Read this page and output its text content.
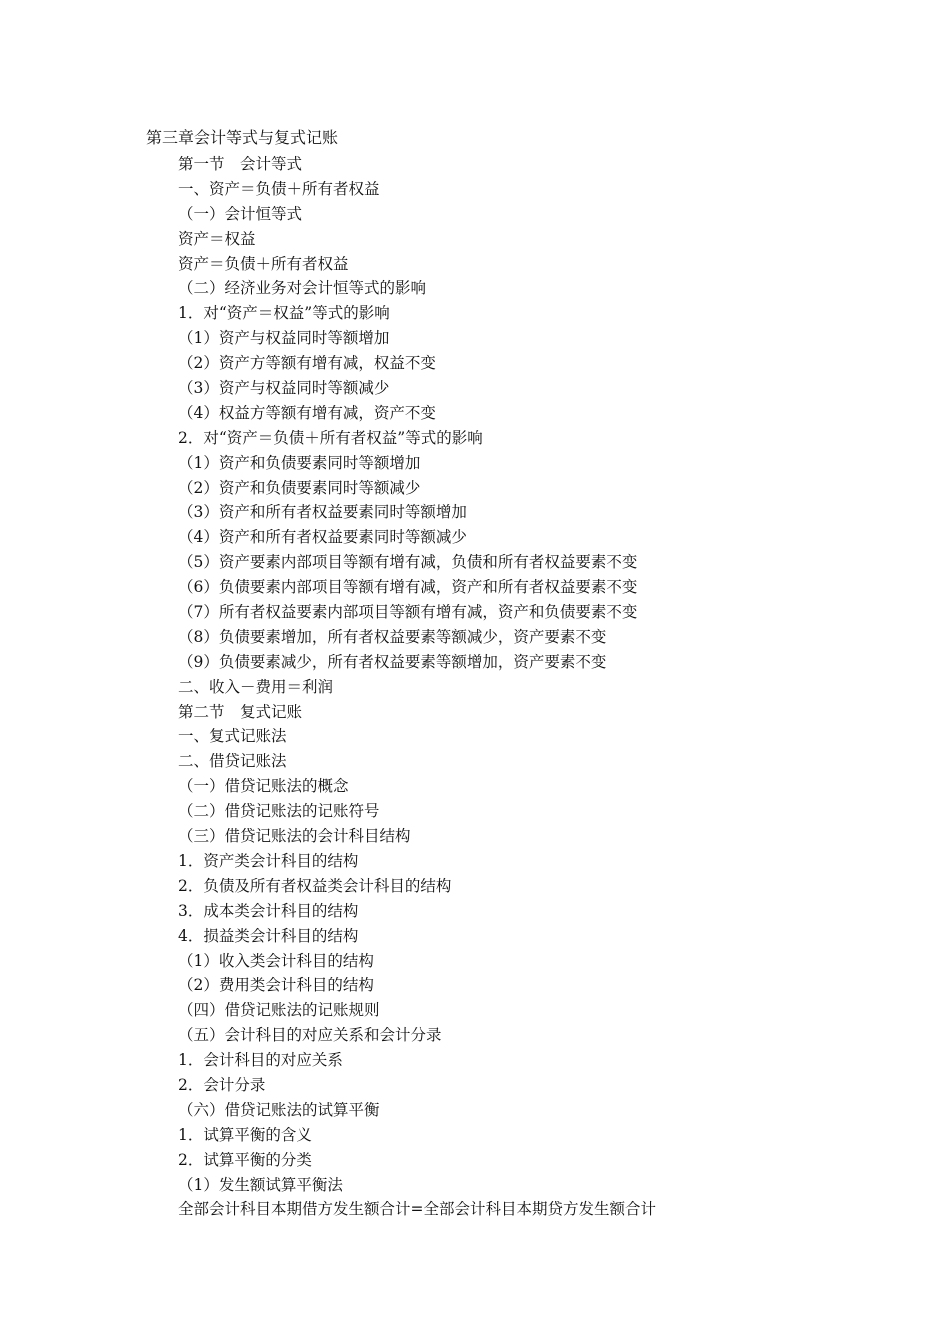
第三章会计等式与复式记账
第一节　会计等式
一、资产＝负债＋所有者权益
（一）会计恒等式
资产＝权益
资产＝负债＋所有者权益
（二）经济业务对会计恒等式的影响
1．对“资产＝权益”等式的影响
（1）资产与权益同时等额增加
（2）资产方等额有增有减，权益不变
（3）资产与权益同时等额减少
（4）权益方等额有增有减，资产不变
2．对“资产＝负债＋所有者权益”等式的影响
（1）资产和负债要素同时等额增加
（2）资产和负债要素同时等额减少
（3）资产和所有者权益要素同时等额增加
（4）资产和所有者权益要素同时等额减少
（5）资产要素内部项目等额有增有减，负债和所有者权益要素不变
（6）负债要素内部项目等额有增有减，资产和所有者权益要素不变
（7）所有者权益要素内部项目等额有增有减，资产和负债要素不变
（8）负债要素增加，所有者权益要素等额减少，资产要素不变
（9）负债要素减少，所有者权益要素等额增加，资产要素不变
二、收入－费用＝利润
第二节　复式记账
一、复式记账法
二、借贷记账法
（一）借贷记账法的概念
（二）借贷记账法的记账符号
（三）借贷记账法的会计科目结构
1．资产类会计科目的结构
2．负债及所有者权益类会计科目的结构
3．成本类会计科目的结构
4．损益类会计科目的结构
（1）收入类会计科目的结构
（2）费用类会计科目的结构
（四）借贷记账法的记账规则
（五）会计科目的对应关系和会计分录
1．会计科目的对应关系
2．会计分录
（六）借贷记账法的试算平衡
1．试算平衡的含义
2．试算平衡的分类
（1）发生额试算平衡法
全部会计科目本期借方发生额合计=全部会计科目本期贷方发生额合计
